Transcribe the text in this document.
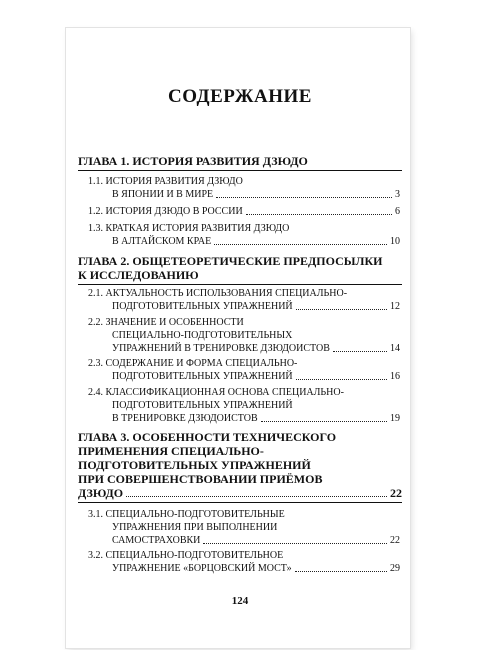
СОДЕРЖАНИЕ
ГЛАВА 1. ИСТОРИЯ РАЗВИТИЯ ДЗЮДО
1.1. ИСТОРИЯ РАЗВИТИЯ ДЗЮДО
В ЯПОНИИ И В МИРЕ	3
1.2. ИСТОРИЯ ДЗЮДО В РОССИИ	6
1.3. КРАТКАЯ ИСТОРИЯ РАЗВИТИЯ ДЗЮДО
В АЛТАЙСКОМ КРАЕ	10
ГЛАВА 2. ОБЩЕТЕОРЕТИЧЕСКИЕ ПРЕДПОСЫЛКИ
К ИССЛЕДОВАНИЮ
2.1. АКТУАЛЬНОСТЬ ИСПОЛЬЗОВАНИЯ СПЕЦИАЛЬНО-
ПОДГОТОВИТЕЛЬНЫХ УПРАЖНЕНИЙ	12
2.2. ЗНАЧЕНИЕ И ОСОБЕННОСТИ
СПЕЦИАЛЬНО-ПОДГОТОВИТЕЛЬНЫХ
УПРАЖНЕНИЙ В ТРЕНИРОВКЕ ДЗЮДОИСТОВ	14
2.3. СОДЕРЖАНИЕ И ФОРМА СПЕЦИАЛЬНО-
ПОДГОТОВИТЕЛЬНЫХ УПРАЖНЕНИЙ	16
2.4. КЛАССИФИКАЦИОННАЯ ОСНОВА СПЕЦИАЛЬНО-
ПОДГОТОВИТЕЛЬНЫХ УПРАЖНЕНИЙ
В ТРЕНИРОВКЕ ДЗЮДОИСТОВ	19
ГЛАВА 3. ОСОБЕННОСТИ ТЕХНИЧЕСКОГО
ПРИМЕНЕНИЯ СПЕЦИАЛЬНО-
ПОДГОТОВИТЕЛЬНЫХ УПРАЖНЕНИЙ
ПРИ СОВЕРШЕНСТВОВАНИИ ПРИЁМОВ
ДЗЮДО	22
3.1. СПЕЦИАЛЬНО-ПОДГОТОВИТЕЛЬНЫЕ
УПРАЖНЕНИЯ ПРИ ВЫПОЛНЕНИИ
САМОСТРАХОВКИ	22
3.2. СПЕЦИАЛЬНО-ПОДГОТОВИТЕЛЬНОЕ
УПРАЖНЕНИЕ «БОРЦОВСКИЙ МОСТ»	29
124
